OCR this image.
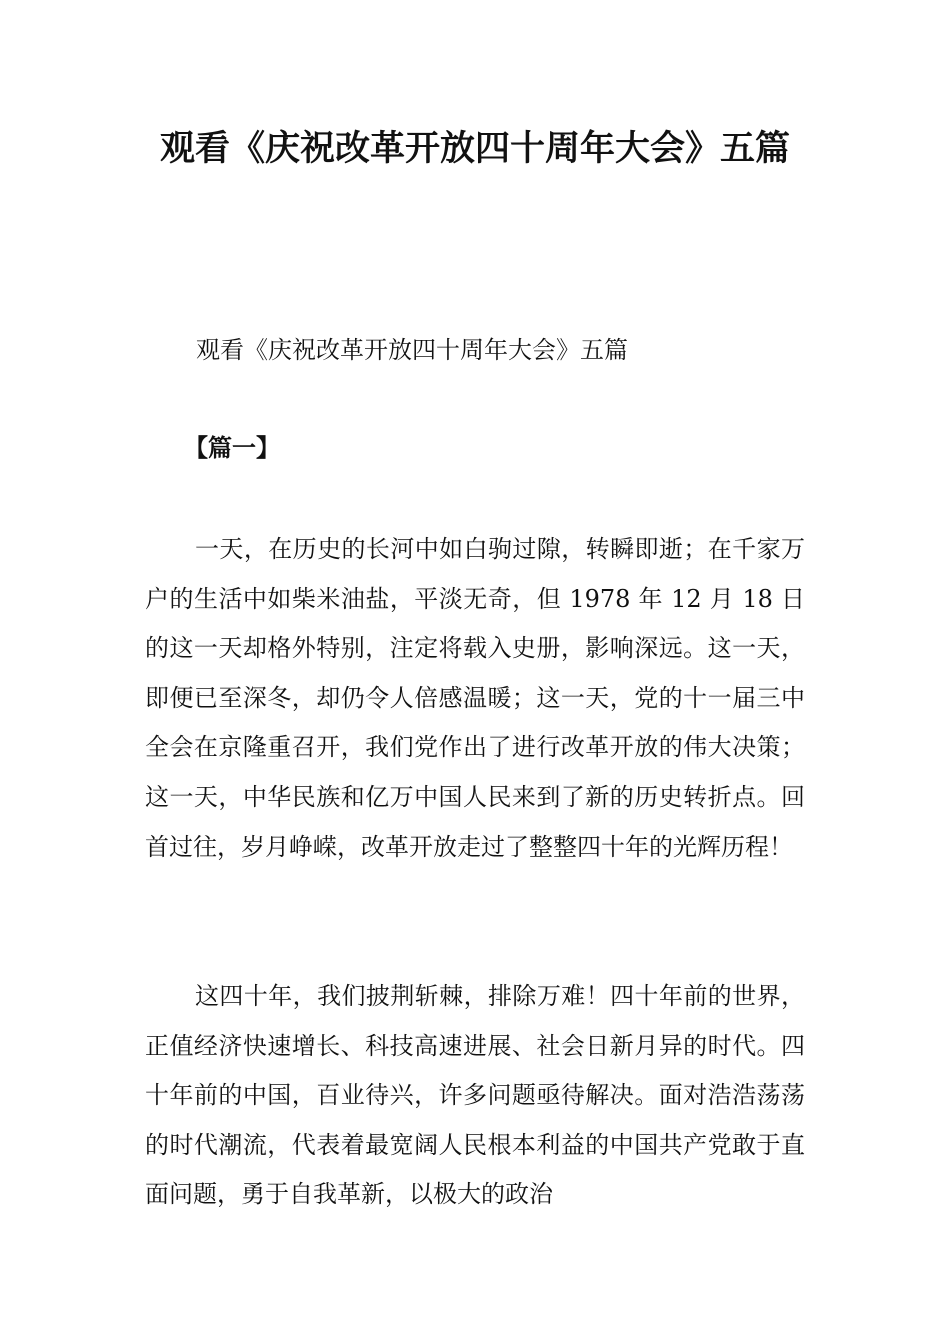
观看《庆祝改革开放四十周年大会》五篇
观看《庆祝改革开放四十周年大会》五篇
【篇一】

一天，在历史的长河中如白驹过隙，转瞬即逝；在千家万户的生活中如柴米油盐，平淡无奇，但 1978 年 12 月 18 日的这一天却格外特别，注定将载入史册，影响深远。这一天，即便已至深冬，却仍令人倍感温暖；这一天，党的十一届三中全会在京隆重召开，我们党作出了进行改革开放的伟大决策；这一天，中华民族和亿万中国人民来到了新的历史转折点。回首过往，岁月峥嵘，改革开放走过了整整四十年的光辉历程！

这四十年，我们披荆斩棘，排除万难！四十年前的世界，正值经济快速增长、科技高速进展、社会日新月异的时代。四十年前的中国，百业待兴，许多问题亟待解决。面对浩浩荡荡的时代潮流，代表着最宽阔人民根本利益的中国共产党敢于直面问题，勇于自我革新，以极大的政治
